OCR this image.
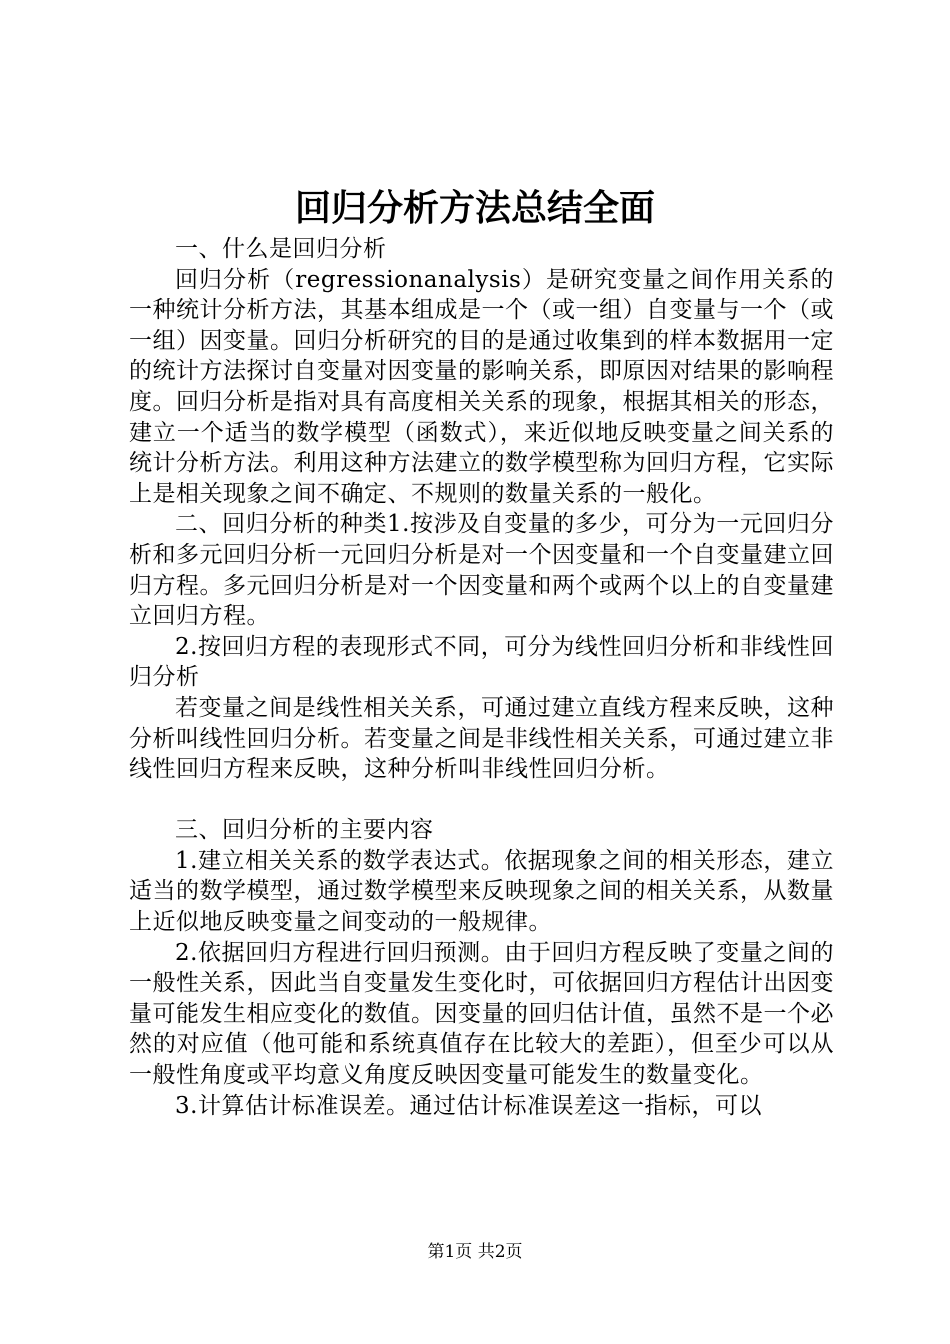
回归分析方法总结全面

一、什么是回归分析

回归分析（regressionanalysis）是研究变量之间作用关系的一种统计分析方法，其基本组成是一个（或一组）自变量与一个（或一组）因变量。回归分析研究的目的是通过收集到的样本数据用一定的统计方法探讨自变量对因变量的影响关系，即原因对结果的影响程度。回归分析是指对具有高度相关关系的现象，根据其相关的形态，建立一个适当的数学模型（函数式），来近似地反映变量之间关系的统计分析方法。利用这种方法建立的数学模型称为回归方程，它实际上是相关现象之间不确定、不规则的数量关系的一般化。

二、回归分析的种类1.按涉及自变量的多少，可分为一元回归分析和多元回归分析一元回归分析是对一个因变量和一个自变量建立回归方程。多元回归分析是对一个因变量和两个或两个以上的自变量建立回归方程。

2.按回归方程的表现形式不同，可分为线性回归分析和非线性回归分析

若变量之间是线性相关关系，可通过建立直线方程来反映，这种分析叫线性回归分析。若变量之间是非线性相关关系，可通过建立非线性回归方程来反映，这种分析叫非线性回归分析。

三、回归分析的主要内容

1.建立相关关系的数学表达式。依据现象之间的相关形态，建立适当的数学模型，通过数学模型来反映现象之间的相关关系，从数量上近似地反映变量之间变动的一般规律。

2.依据回归方程进行回归预测。由于回归方程反映了变量之间的一般性关系，因此当自变量发生变化时，可依据回归方程估计出因变量可能发生相应变化的数值。因变量的回归估计值，虽然不是一个必然的对应值（他可能和系统真值存在比较大的差距），但至少可以从一般性角度或平均意义角度反映因变量可能发生的数量变化。

3.计算估计标准误差。通过估计标准误差这一指标，可以

第1页 共2页
